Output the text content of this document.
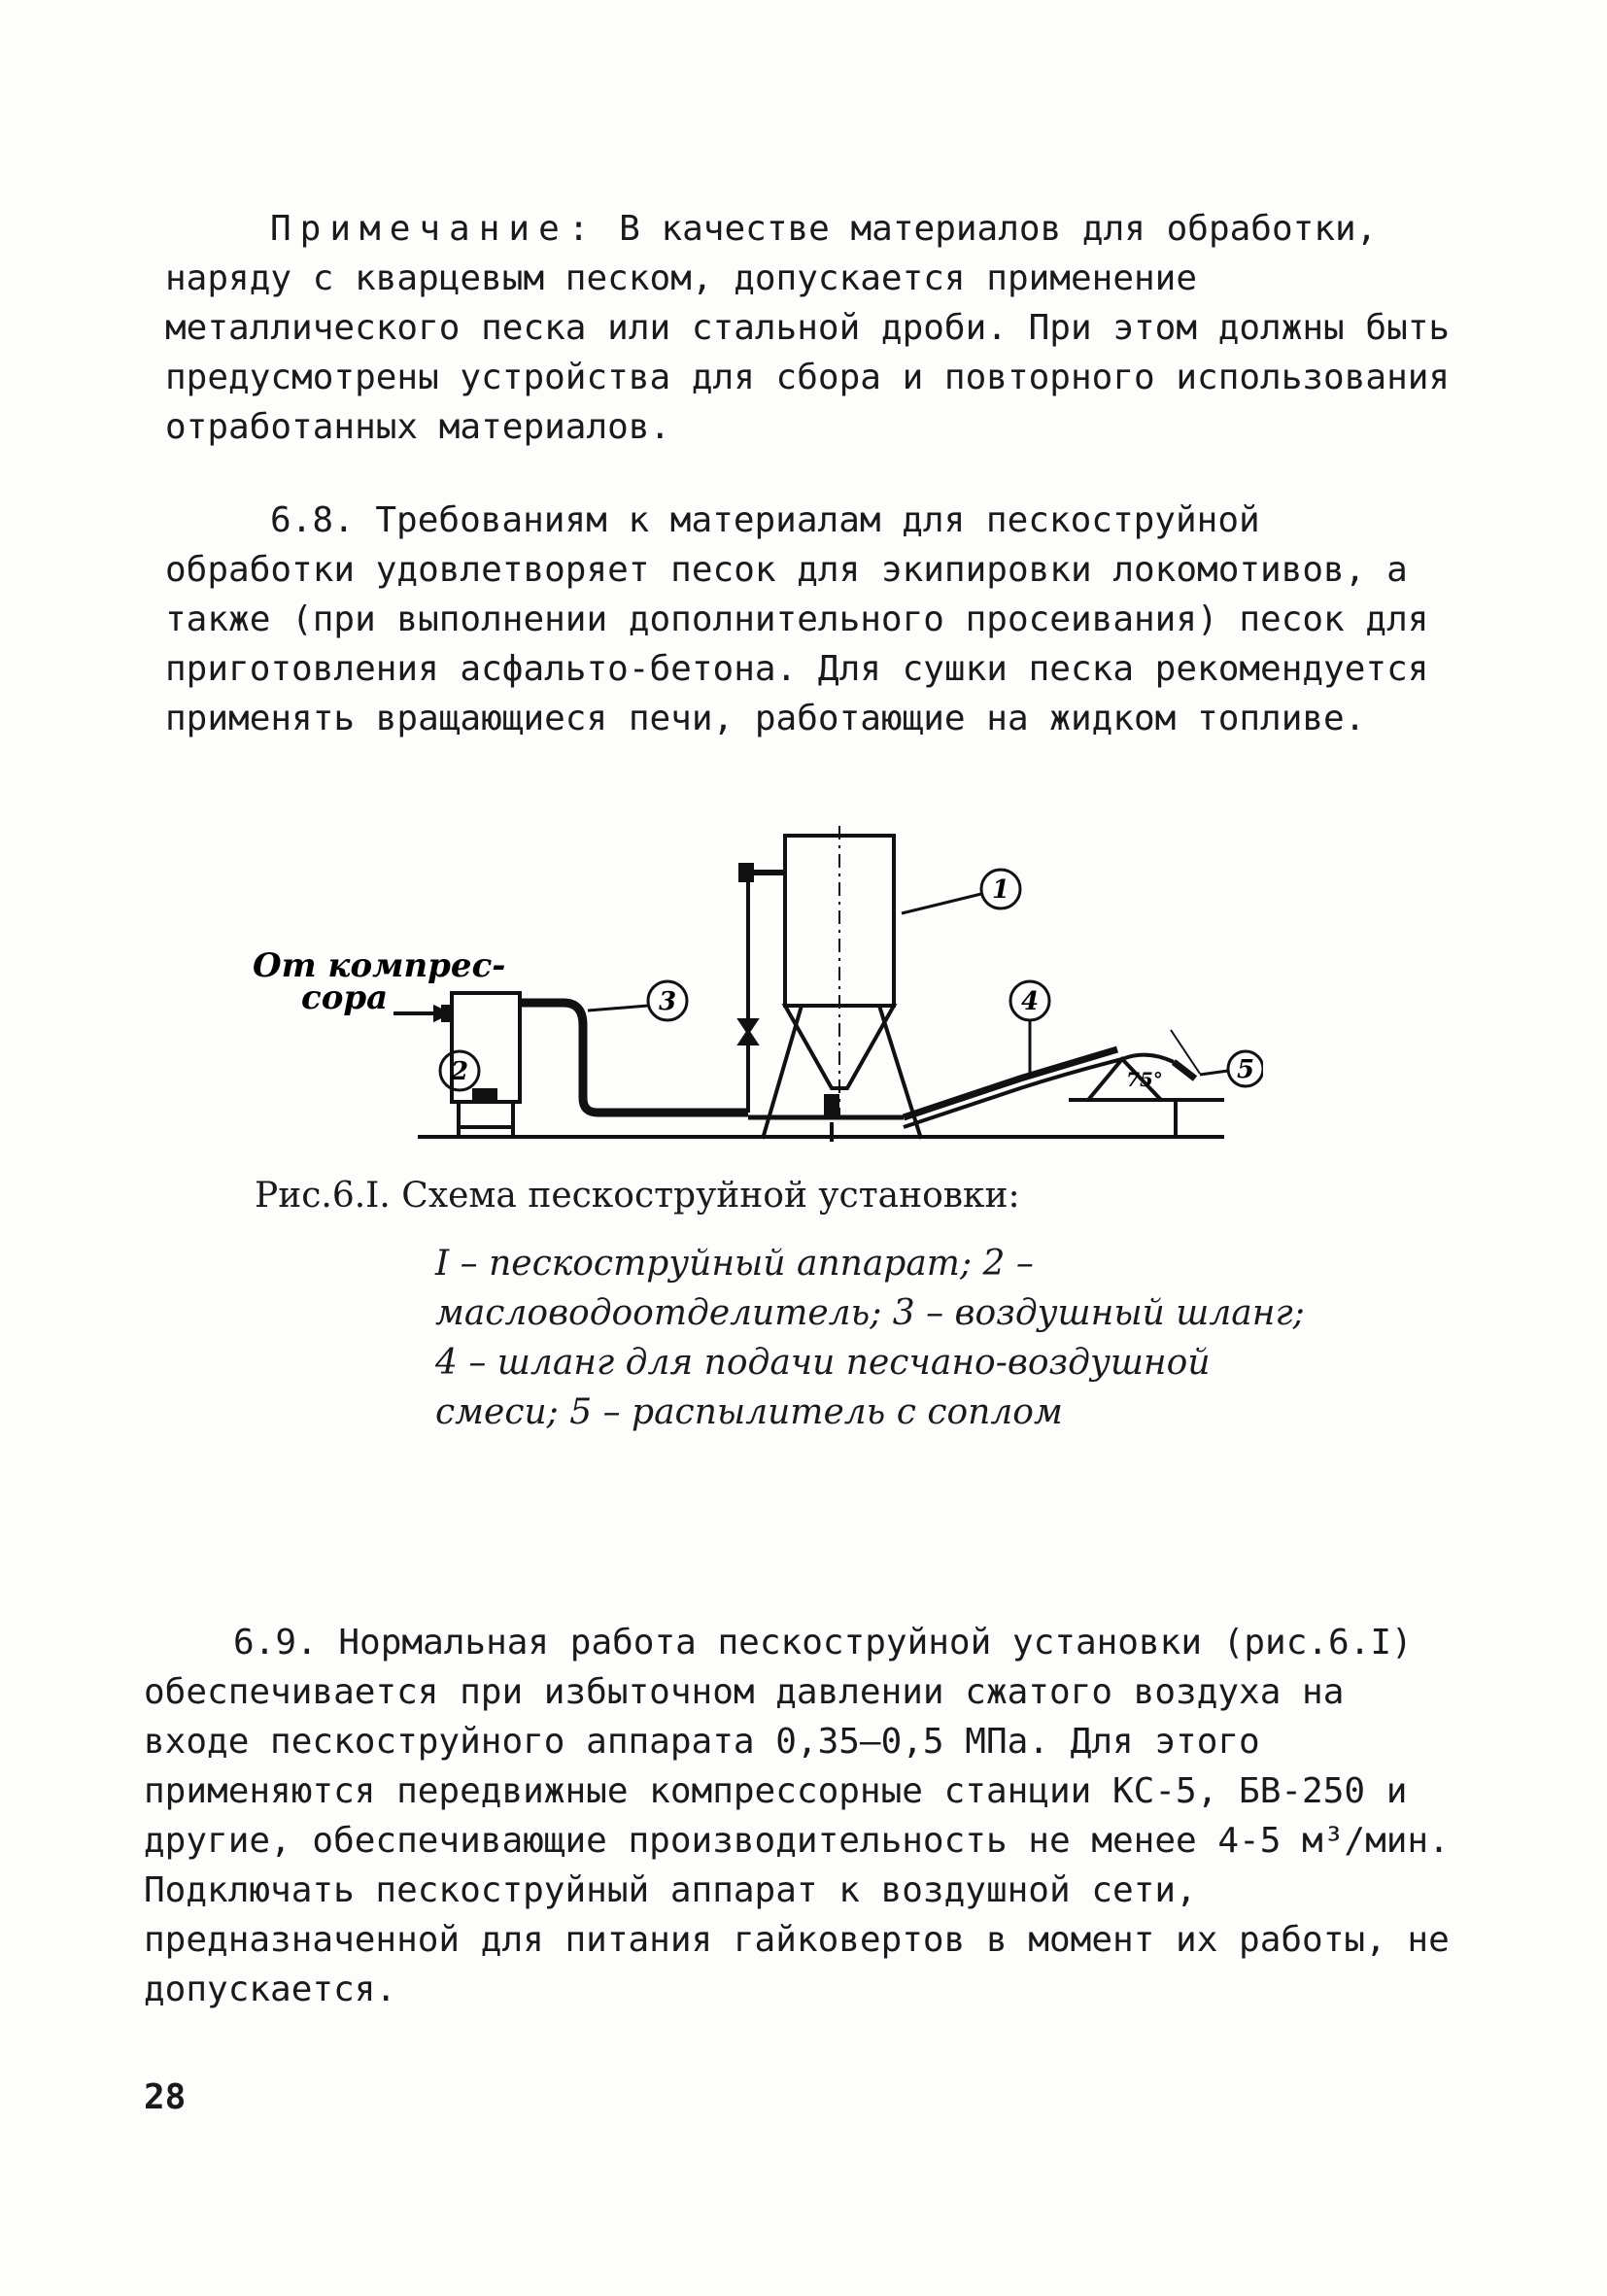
Примечание: В качестве материалов для обработки, наряду с кварцевым песком, допускается применение металлического песка или стальной дроби. При этом должны быть предусмотрены устройства для сбора и повторного использования отработанных материалов.

6.8. Требованиям к материалам для пескоструйной обработки удовлетворяет песок для экипировки локомотивов, а также (при выполнении дополнительного просеивания) песок для приготовления асфальто-бетона. Для сушки песка рекомендуется применять вращающиеся печи, работающие на жидком топливе.

1
2
3	4
5
75°
От компрес-
сора

Рис.6.I. Схема пескоструйной установки:

I – пескоструйный аппарат; 2 – масловодоотделитель; 3 – воздушный шланг; 4 – шланг для подачи песчано-воздушной смеси; 5 – распылитель с соплом

6.9. Нормальная работа пескоструйной установки (рис.6.I) обеспечивается при избыточном давлении сжатого воздуха на входе пескоструйного аппарата 0,35–0,5 МПа. Для этого применяются передвижные компрессорные станции КС-5, БВ-250 и другие, обеспечивающие производительность не менее 4-5 м³/мин. Подключать пескоструйный аппарат к воздушной сети, предназначенной для питания гайковертов в момент их работы, не допускается.

28
